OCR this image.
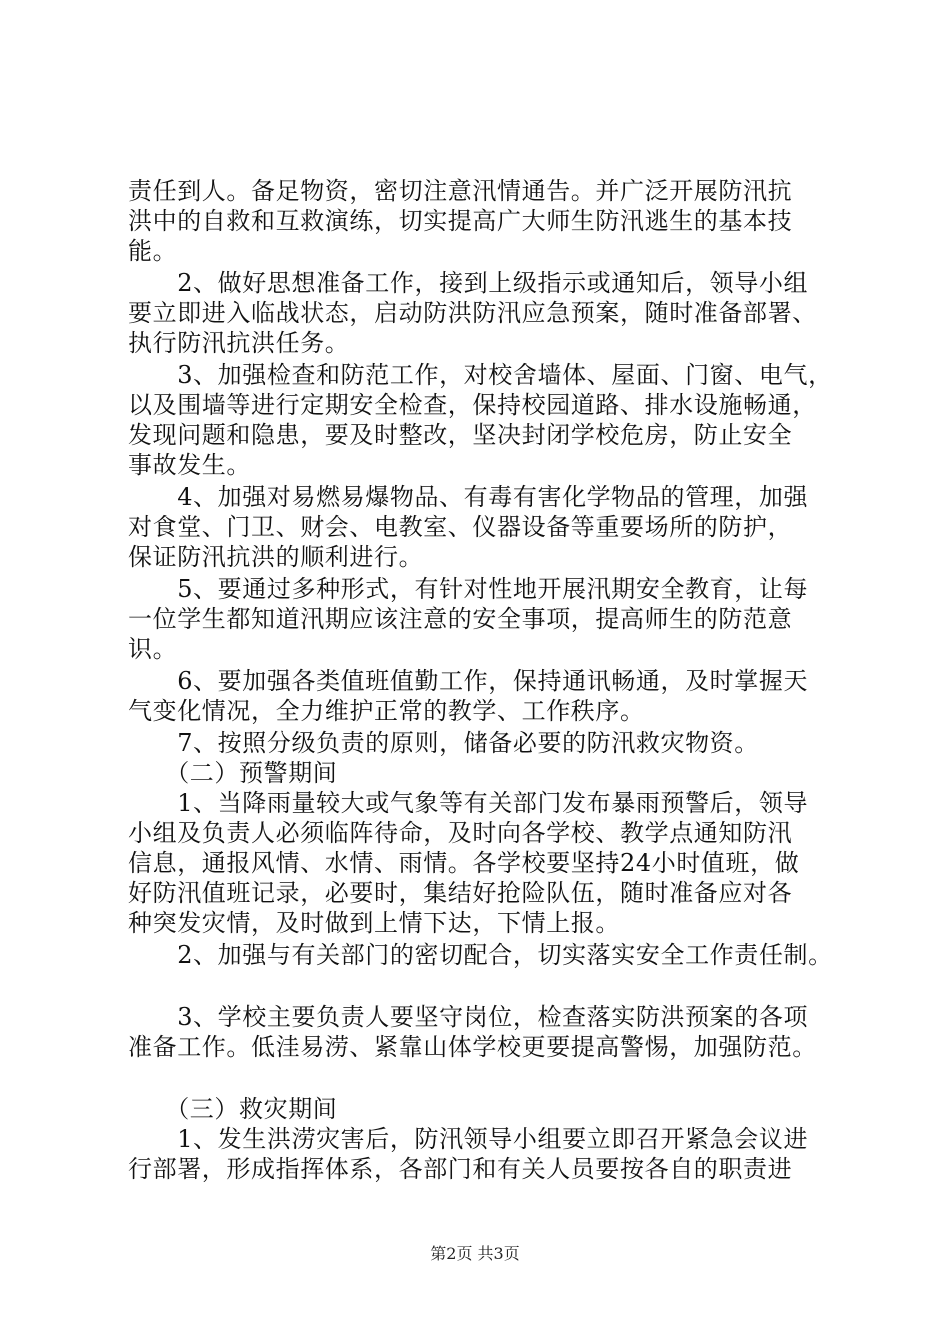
责任到人。备足物资，密切注意汛情通告。并广泛开展防汛抗
洪中的自救和互救演练，切实提高广大师生防汛逃生的基本技
能。
　　2、做好思想准备工作，接到上级指示或通知后，领导小组
要立即进入临战状态，启动防洪防汛应急预案，随时准备部署、
执行防汛抗洪任务。
　　3、加强检查和防范工作，对校舍墙体、屋面、门窗、电气，
以及围墙等进行定期安全检查，保持校园道路、排水设施畅通，
发现问题和隐患，要及时整改，坚决封闭学校危房，防止安全
事故发生。
　　4、加强对易燃易爆物品、有毒有害化学物品的管理，加强
对食堂、门卫、财会、电教室、仪器设备等重要场所的防护，
保证防汛抗洪的顺利进行。
　　5、要通过多种形式，有针对性地开展汛期安全教育，让每
一位学生都知道汛期应该注意的安全事项，提高师生的防范意
识。
　　6、要加强各类值班值勤工作，保持通讯畅通，及时掌握天
气变化情况，全力维护正常的教学、工作秩序。
　　7、按照分级负责的原则，储备必要的防汛救灾物资。
　　（二）预警期间
　　1、当降雨量较大或气象等有关部门发布暴雨预警后，领导
小组及负责人必须临阵待命，及时向各学校、教学点通知防汛
信息，通报风情、水情、雨情。各学校要坚持24小时值班，做
好防汛值班记录，必要时，集结好抢险队伍，随时准备应对各
种突发灾情，及时做到上情下达，下情上报。
　　2、加强与有关部门的密切配合，切实落实安全工作责任制。
　　3、学校主要负责人要坚守岗位，检查落实防洪预案的各项
准备工作。低洼易涝、紧靠山体学校更要提高警惕，加强防范。
　　（三）救灾期间
　　1、发生洪涝灾害后，防汛领导小组要立即召开紧急会议进
行部署，形成指挥体系，各部门和有关人员要按各自的职责进
第2页 共3页
